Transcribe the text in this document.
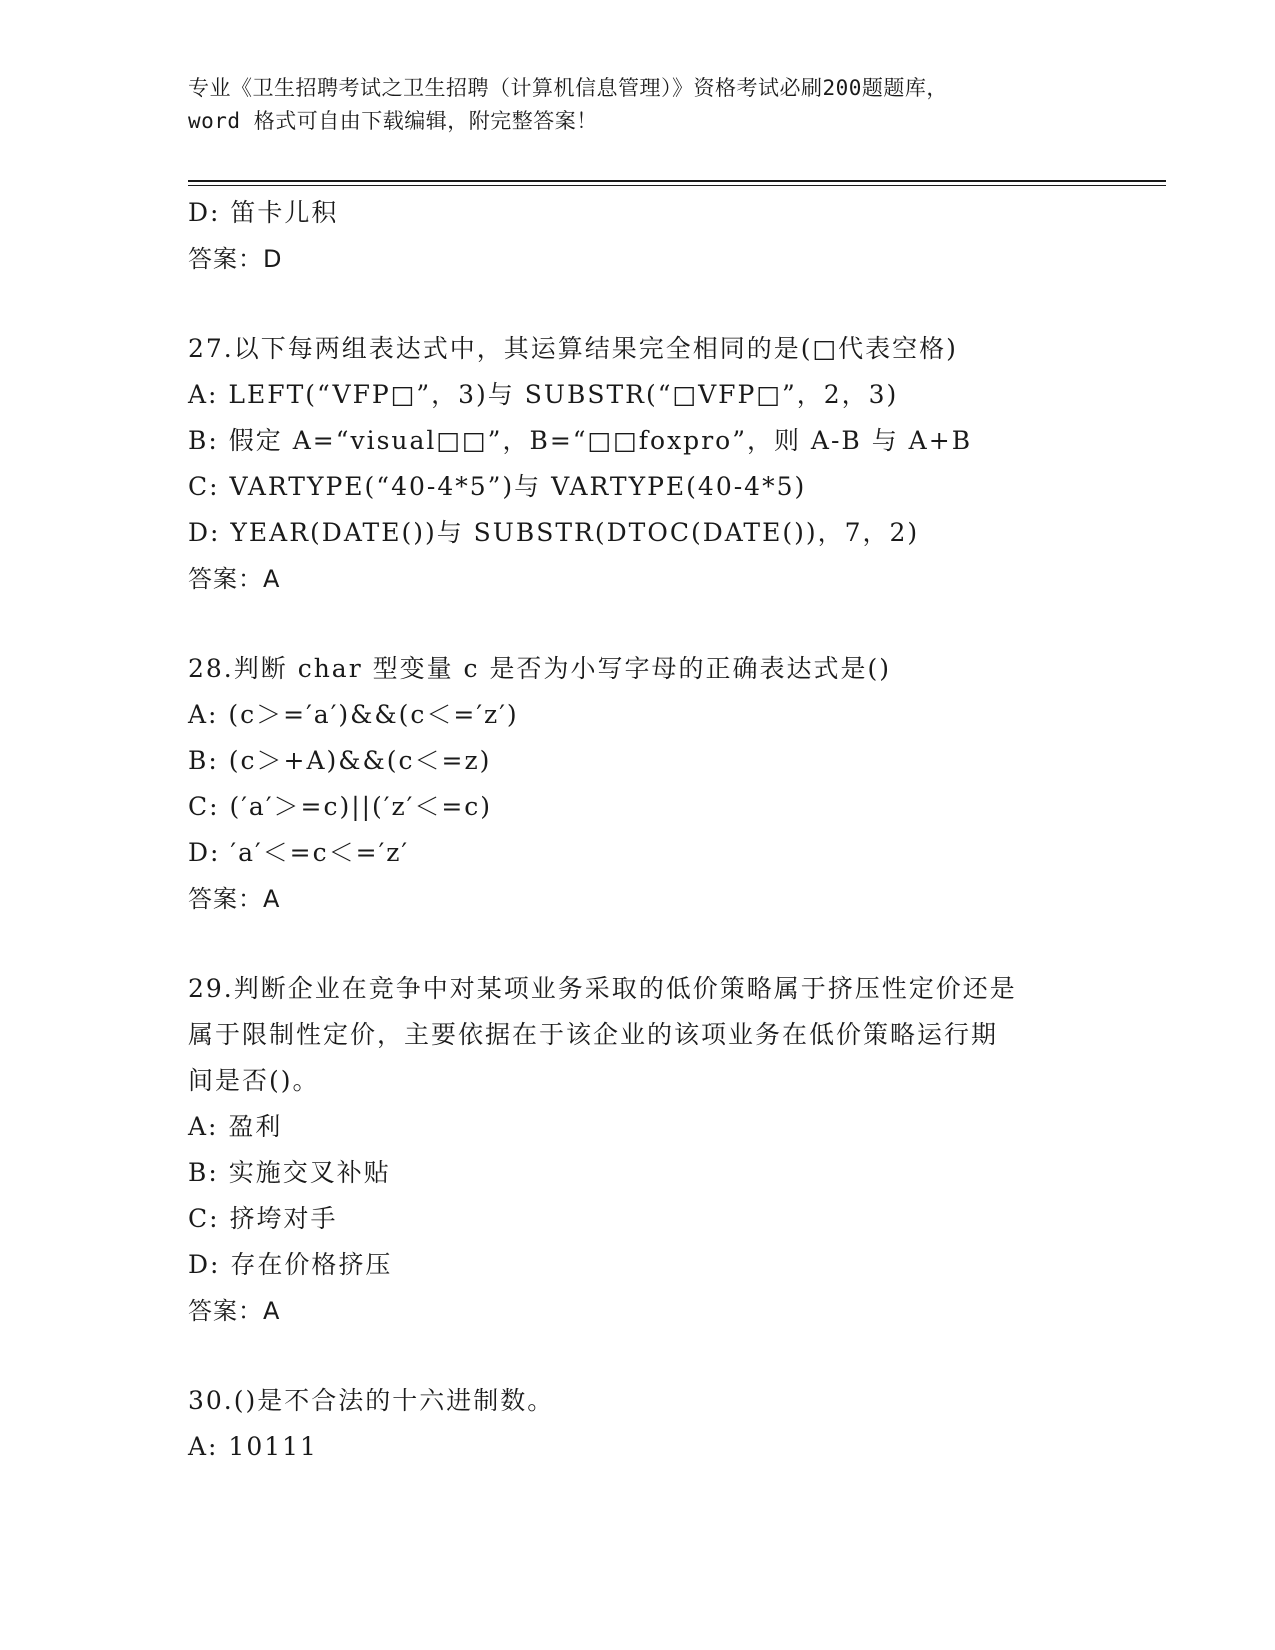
专业《卫生招聘考试之卫生招聘（计算机信息管理）》资格考试必刷200题题库，
word 格式可自由下载编辑，附完整答案！
D: 笛卡儿积
答案：D
27.以下每两组表达式中，其运算结果完全相同的是(□代表空格)
A: LEFT(“VFP□”，3)与 SUBSTR(“□VFP□”，2，3)
B: 假定 A=“visual□□”，B=“□□foxpro”，则 A-B 与 A+B
C: VARTYPE(“40-4*5”)与 VARTYPE(40-4*5)
D: YEAR(DATE())与 SUBSTR(DTOC(DATE())，7，2)
答案：A
28.判断 char 型变量 c 是否为小写字母的正确表达式是()
A: (c＞=′a′)&&(c＜=′z′)
B: (c＞+A)&&(c＜=z)
C: (′a′＞=c)||(′z′＜=c)
D: ′a′＜=c＜=′z′
答案：A
29.判断企业在竞争中对某项业务采取的低价策略属于挤压性定价还是
属于限制性定价，主要依据在于该企业的该项业务在低价策略运行期
间是否()。
A: 盈利
B: 实施交叉补贴
C: 挤垮对手
D: 存在价格挤压
答案：A
30.()是不合法的十六进制数。
A: 10111
